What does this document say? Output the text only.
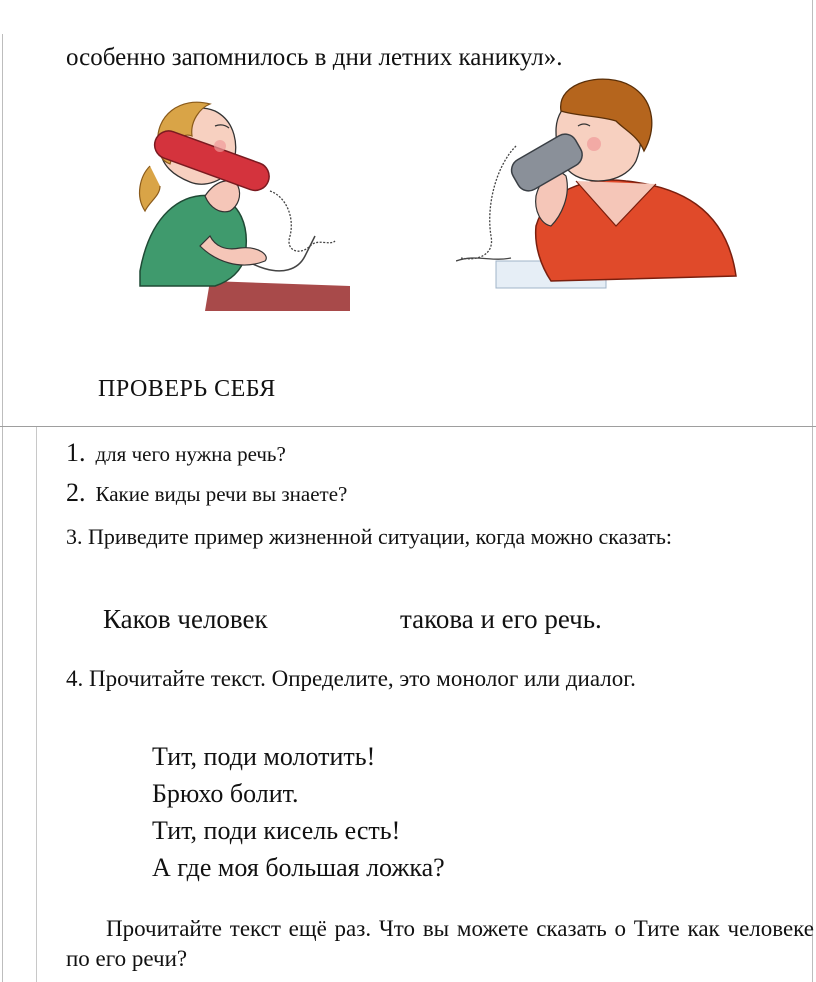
особенно запомнилось в дни летних каникул».

ПРОВЕРЬ СЕБЯ

1. для чего нужна речь?
2. Какие виды речи вы знаете?

3. Приведите пример жизненной ситуации, когда можно сказать:

Каков человек	такова и его речь.

4. Прочитайте текст. Определите, это монолог или диалог.

Тит, поди молотить!
Брюхо болит.
Тит, поди кисель есть!
А где моя большая ложка?

Прочитайте текст ещё раз. Что вы можете сказать о Тите как человеке по его речи?
